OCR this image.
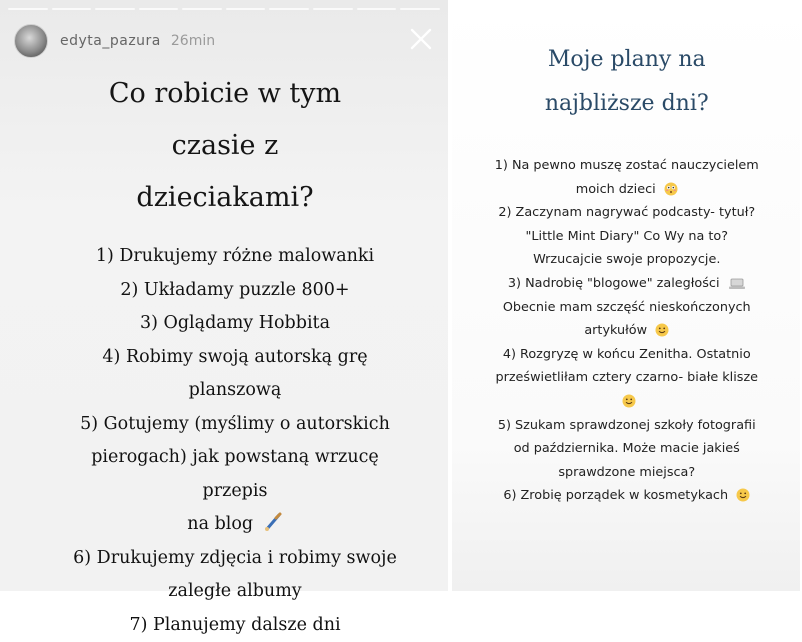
edyta_pazura 26min
Co robicie w tym
czasie z
dzieciakami?
1) Drukujemy różne malowanki
2) Układamy puzzle 800+
3) Oglądamy Hobbita
4) Robimy swoją autorską grę planszową
5) Gotujemy (myślimy o autorskich
pierogach) jak powstaną wrzucę przepis
na blog
6) Drukujemy zdjęcia i robimy swoje
zaległe albumy
7) Planujemy dalsze dni
Moje plany na
najbliższe dni?
1) Na pewno muszę zostać nauczycielem
moich dzieci
2) Zaczynam nagrywać podcasty- tytuł?
"Little Mint Diary" Co Wy na to?
Wrzucajcie swoje propozycje.
3) Nadrobię "blogowe" zaległości
Obecnie mam szczęść nieskończonych
artykułów
4) Rozgryzę w końcu Zenitha. Ostatnio
prześwietliłam cztery czarno- białe klisze
5) Szukam sprawdzonej szkoły fotografii
od października. Może macie jakieś
sprawdzone miejsca?
6) Zrobię porządek w kosmetykach
